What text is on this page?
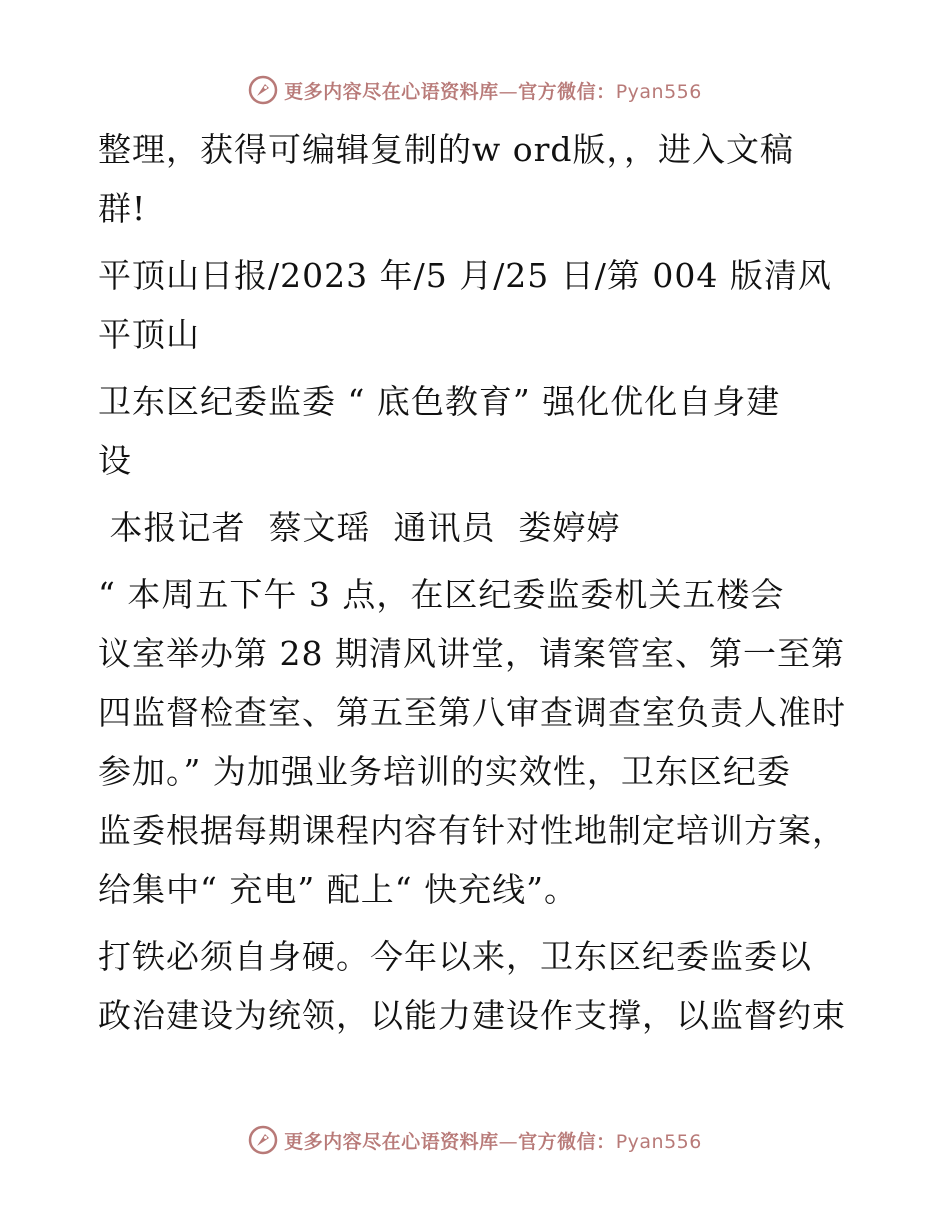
更多内容尽在心语资料库—官方微信：Pyan556

整理，获得可编辑复制的w ord版，，进入文稿
群!

平顶山日报/2023 年/5 月/25 日/第 004 版清风
平顶山

卫东区纪委监委 “ 底色教育” 强化优化自身建
设

本报记者  蔡文瑶  通讯员  娄婷婷

“ 本周五下午 3 点，在区纪委监委机关五楼会
议室举办第 28 期清风讲堂，请案管室、第一至第
四监督检查室、第五至第八审查调查室负责人准时
参加。” 为加强业务培训的实效性，卫东区纪委
监委根据每期课程内容有针对性地制定培训方案，
给集中“ 充电” 配上“ 快充线”。

打铁必须自身硬。今年以来，卫东区纪委监委以
政治建设为统领，以能力建设作支撑，以监督约束

更多内容尽在心语资料库—官方微信：Pyan556
